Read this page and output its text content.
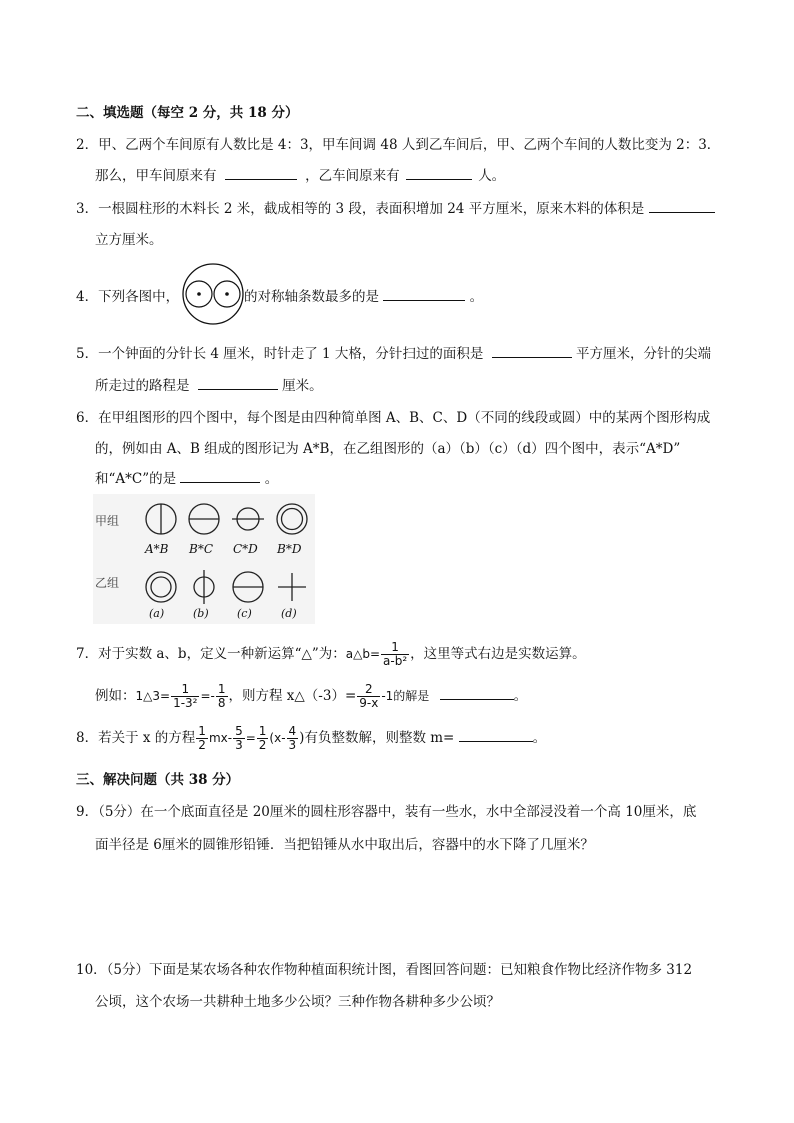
二、填选题（每空 2 分，共 18 分）
2．甲、乙两个车间原有人数比是 4：3，甲车间调 48 人到乙车间后，甲、乙两个车间的人数比变为 2：3．
那么，甲车间原来有	，乙车间原来有	人。
3．一根圆柱形的木料长 2 米，截成相等的 3 段，表面积增加 24 平方厘米，原来木料的体积是
立方厘米。
4．下列各图中，	的对称轴条数最多的是	。
5．一个钟面的分针长 4 厘米，时针走了 1 大格，分针扫过的面积是	平方厘米，分针的尖端
所走过的路程是	厘米。
6．在甲组图形的四个图中，每个图是由四种简单图 A、B、C、D（不同的线段或圆）中的某两个图形构成
的，例如由 A、B 组成的图形记为 A*B，在乙组图形的（a）（b）（c）（d）四个图中，表示“A*D”
和“A*C”的是	。
甲组
乙组
A*B B*C C*D B*D
(a)	(b)	(c)	(d)
7．对于实数 a、b，定义一种新运算“△”为：a△b= $\frac{1}{\text{a-b²}}$ ，这里等式右边是实数运算。
例如：1△3= $\frac{1}{\text{1-3²}} =- \frac{1}{8}$ ，则方程 x△（-3）= $\frac{2}{9-x} -1$的解是	。
8．若关于 x 的方程 $\frac{1}{2} mx- \frac{5}{3} = \frac{1}{2} (x- \frac{4}{3}$ )有负整数解，则整数 m=	。
三、解决问题（共 38 分）
9．（5分）在一个底面直径是 20厘米的圆柱形容器中，装有一些水，水中全部浸没着一个高 10厘米，底
面半径是 6厘米的圆锥形铅锤．当把铅锤从水中取出后，容器中的水下降了几厘米？
10．（5分）下面是某农场各种农作物种植面积统计图，看图回答问题：已知粮食作物比经济作物多 312
公顷，这个农场一共耕种土地多少公顷？三种作物各耕种多少公顷？
